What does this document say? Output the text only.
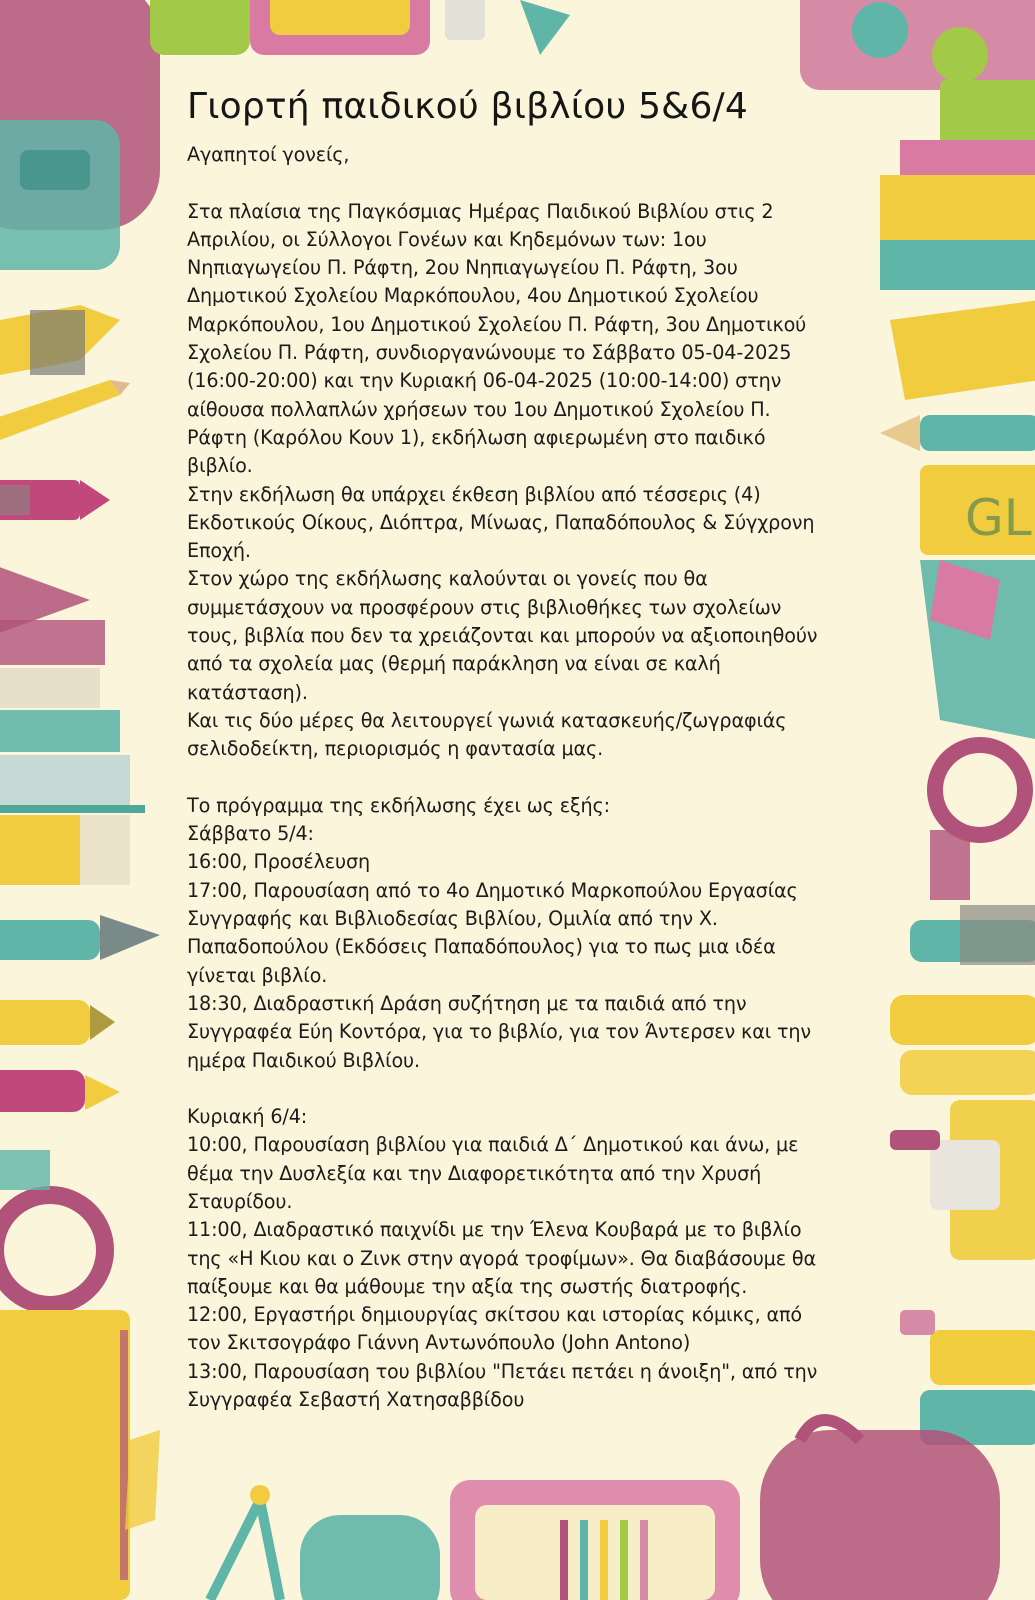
GL
Γιορτή παιδικού βιβλίου 5&6/4

Αγαπητοί γονείς,

Στα πλαίσια της Παγκόσμιας Ημέρας Παιδικού Βιβλίου στις 2
Απριλίου, οι Σύλλογοι Γονέων και Κηδεμόνων των: 1ου
Νηπιαγωγείου Π. Ράφτη, 2ου Νηπιαγωγείου Π. Ράφτη, 3ου
Δημοτικού Σχολείου Μαρκόπουλου, 4ου Δημοτικού Σχολείου
Μαρκόπουλου, 1ου Δημοτικού Σχολείου Π. Ράφτη, 3ου Δημοτικού
Σχολείου Π. Ράφτη, συνδιοργανώνουμε το Σάββατο 05-04-2025
(16:00-20:00) και την Κυριακή 06-04-2025 (10:00-14:00) στην
αίθουσα πολλαπλών χρήσεων του 1ου Δημοτικού Σχολείου Π.
Ράφτη (Καρόλου Κουν 1), εκδήλωση αφιερωμένη στο παιδικό
βιβλίο.
Στην εκδήλωση θα υπάρχει έκθεση βιβλίου από τέσσερις (4)
Εκδοτικούς Οίκους, Διόπτρα, Μίνωας, Παπαδόπουλος & Σύγχρονη
Εποχή.
Στον χώρο της εκδήλωσης καλούνται οι γονείς που θα
συμμετάσχουν να προσφέρουν στις βιβλιοθήκες των σχολείων
τους, βιβλία που δεν τα χρειάζονται και μπορούν να αξιοποιηθούν
από τα σχολεία μας (θερμή παράκληση να είναι σε καλή
κατάσταση).
Και τις δύο μέρες θα λειτουργεί γωνιά κατασκευής/ζωγραφιάς
σελιδοδείκτη, περιορισμός η φαντασία μας.

Το πρόγραμμα της εκδήλωσης έχει ως εξής:
Σάββατο 5/4:
16:00, Προσέλευση
17:00, Παρουσίαση από το 4ο Δημοτικό Μαρκοπούλου Εργασίας
Συγγραφής και Βιβλιοδεσίας Βιβλίου, Ομιλία από την Χ.
Παπαδοπούλου (Εκδόσεις Παπαδόπουλος) για το πως μια ιδέα
γίνεται βιβλίο.
18:30, Διαδραστική Δράση συζήτηση με τα παιδιά από την
Συγγραφέα Εύη Κοντόρα, για το βιβλίο, για τον Άντερσεν και την
ημέρα Παιδικού Βιβλίου.

Κυριακή 6/4:
10:00, Παρουσίαση βιβλίου για παιδιά Δ΄ Δημοτικού και άνω, με
θέμα την Δυσλεξία και την Διαφορετικότητα από την Χρυσή
Σταυρίδου.
11:00, Διαδραστικό παιχνίδι με την Έλενα Κουβαρά με το βιβλίο
της «Η Κιου και ο Ζινκ στην αγορά τροφίμων». Θα διαβάσουμε θα
παίξουμε και θα μάθουμε την αξία της σωστής διατροφής.
12:00, Εργαστήρι δημιουργίας σκίτσου και ιστορίας κόμικς, από
τον Σκιτσογράφο Γιάννη Αντωνόπουλο (John Antono)
13:00, Παρουσίαση του βιβλίου "Πετάει πετάει η άνοιξη", από την
Συγγραφέα Σεβαστή Χατησαββίδου
